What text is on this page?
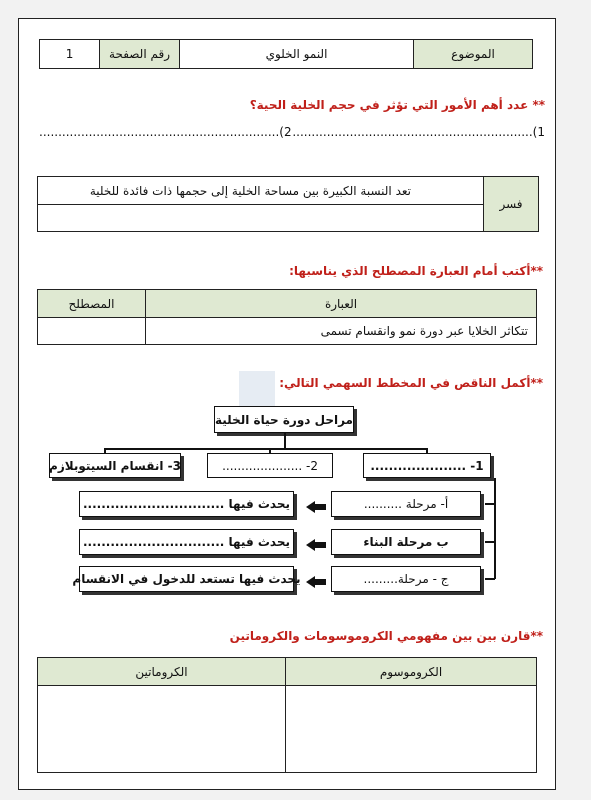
الموضوع
النمو الخلوي
رقم الصفحة
1
** عدد أهم الأمور التي تؤثر في حجم الخلية الحية؟
1)...............................................................
2)...............................................................
فسر
تعد النسبة الكبيرة بين مساحة الخلية إلى حجمها ذات فائدة للخلية
**أكتب أمام العبارة المصطلح الذي يناسبها:
العبارة
المصطلح
تتكاثر الخلايا عبر دورة نمو وانقسام تسمى
**أكمل الناقص في المخطط السهمي التالي:
مراحل دورة حياة الخلية
1- .....................
2- .....................
3- انقسام السيتوبلازم
أ- مرحلة ..........
ب مرحلة البناء
ج - مرحلة.........
يحدث فيها ...............................
يحدث فيها ...............................
يحدث فيها تستعد للدخول في الانقسام
**قارن بين بين مفهومي الكروموسومات والكروماتين
الكروموسوم
الكروماتين
